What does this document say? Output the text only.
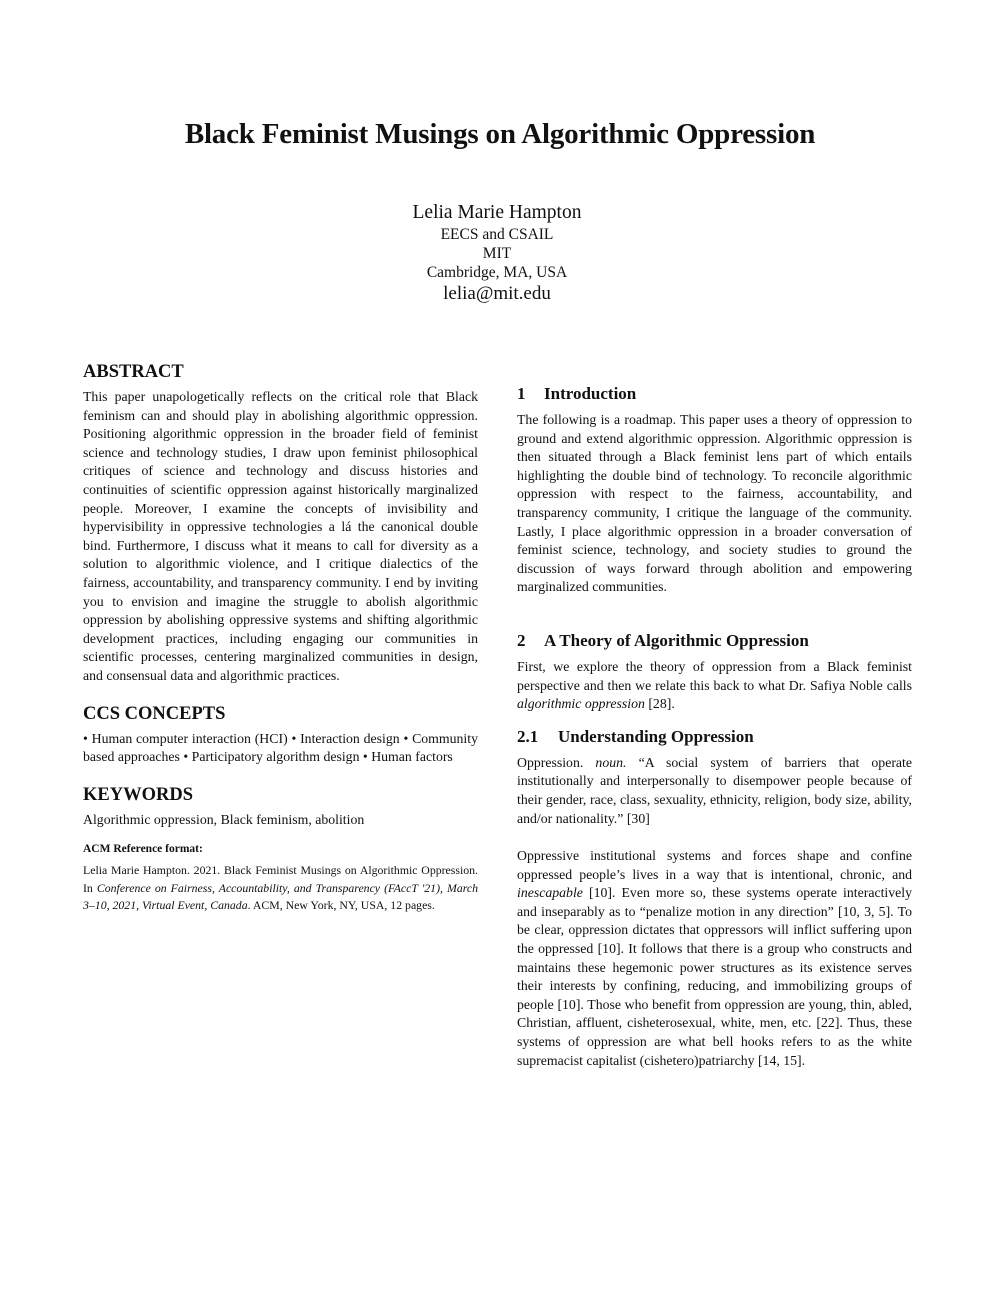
Black Feminist Musings on Algorithmic Oppression
Lelia Marie Hampton
EECS and CSAIL
MIT
Cambridge, MA, USA
lelia@mit.edu
ABSTRACT

This paper unapologetically reflects on the critical role that Black feminism can and should play in abolishing algorithmic oppression. Positioning algorithmic oppression in the broader field of feminist science and technology studies, I draw upon feminist philosophical critiques of science and technology and discuss histories and continuities of scientific oppression against historically marginalized people. Moreover, I examine the concepts of invisibility and hypervisibility in oppressive technologies a lá the canonical double bind. Furthermore, I discuss what it means to call for diversity as a solution to algorithmic violence, and I critique dialectics of the fairness, accountability, and transparency community. I end by inviting you to envision and imagine the struggle to abolish algorithmic oppression by abolishing oppressive systems and shifting algorithmic development practices, including engaging our communities in scientific processes, centering marginalized communities in design, and consensual data and algorithmic practices.

CCS CONCEPTS

• Human computer interaction (HCI) • Interaction design • Community based approaches • Participatory algorithm design • Human factors

KEYWORDS

Algorithmic oppression, Black feminism, abolition

ACM Reference format:

Lelia Marie Hampton. 2021. Black Feminist Musings on Algorithmic Oppression. In Conference on Fairness, Accountability, and Transparency (FAccT '21), March 3–10, 2021, Virtual Event, Canada. ACM, New York, NY, USA, 12 pages.

1 Introduction

The following is a roadmap. This paper uses a theory of oppression to ground and extend algorithmic oppression. Algorithmic oppression is then situated through a Black feminist lens part of which entails highlighting the double bind of technology. To reconcile algorithmic oppression with respect to the fairness, accountability, and transparency community, I critique the language of the community. Lastly, I place algorithmic oppression in a broader conversation of feminist science, technology, and society studies to ground the discussion of ways forward through abolition and empowering marginalized communities.

2 A Theory of Algorithmic Oppression

First, we explore the theory of oppression from a Black feminist perspective and then we relate this back to what Dr. Safiya Noble calls algorithmic oppression [28].

2.1 Understanding Oppression

Oppression. noun. “A social system of barriers that operate institutionally and interpersonally to disempower people because of their gender, race, class, sexuality, ethnicity, religion, body size, ability, and/or nationality.” [30]

Oppressive institutional systems and forces shape and confine oppressed people’s lives in a way that is intentional, chronic, and inescapable [10]. Even more so, these systems operate interactively and inseparably as to “penalize motion in any direction” [10, 3, 5]. To be clear, oppression dictates that oppressors will inflict suffering upon the oppressed [10]. It follows that there is a group who constructs and maintains these hegemonic power structures as its existence serves their interests by confining, reducing, and immobilizing groups of people [10]. Those who benefit from oppression are young, thin, abled, Christian, affluent, cisheterosexual, white, men, etc. [22]. Thus, these systems of oppression are what bell hooks refers to as the white supremacist capitalist (cishetero)patriarchy [14, 15].
